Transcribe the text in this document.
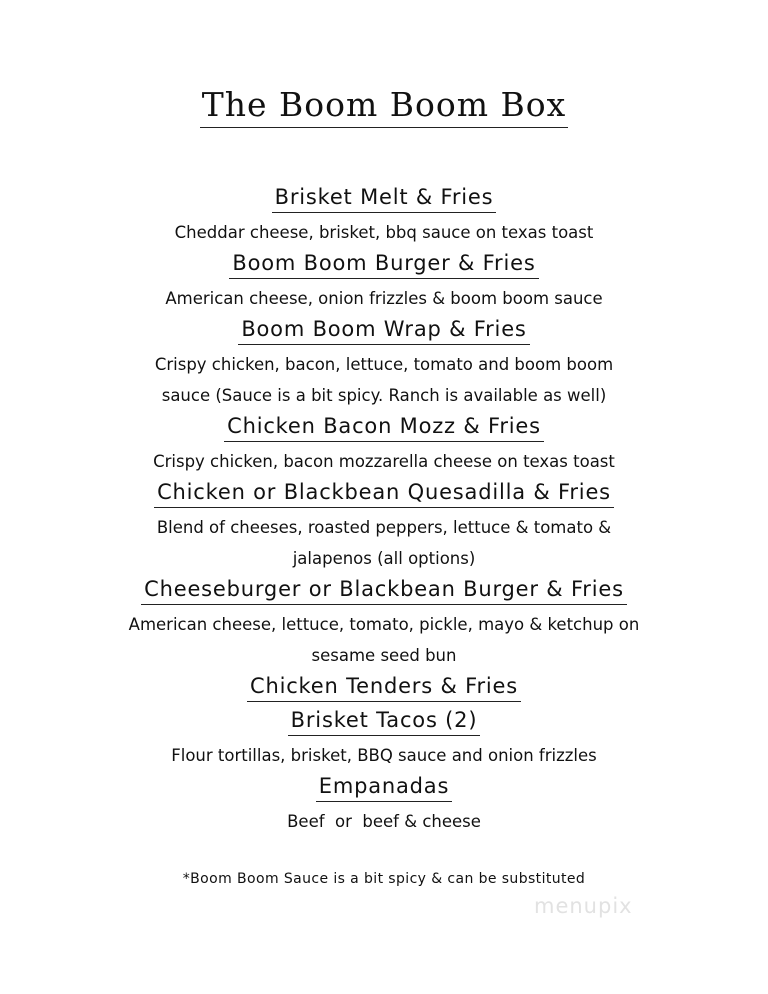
The Boom Boom Box
Brisket Melt & Fries
Cheddar cheese, brisket, bbq sauce on texas toast
Boom Boom Burger & Fries
American cheese, onion frizzles & boom boom sauce
Boom Boom Wrap & Fries
Crispy chicken, bacon, lettuce, tomato and boom boom sauce (Sauce is a bit spicy. Ranch is available as well)
Chicken Bacon Mozz & Fries
Crispy chicken, bacon mozzarella cheese on texas toast
Chicken or Blackbean Quesadilla & Fries
Blend of cheeses, roasted peppers, lettuce & tomato & jalapenos (all options)
Cheeseburger or Blackbean Burger & Fries
American cheese, lettuce, tomato, pickle, mayo & ketchup on sesame seed bun
Chicken Tenders & Fries
Brisket Tacos (2)
Flour tortillas, brisket, BBQ sauce and onion frizzles
Empanadas
Beef  or  beef & cheese
*Boom Boom Sauce is a bit spicy & can be substituted
menupix
